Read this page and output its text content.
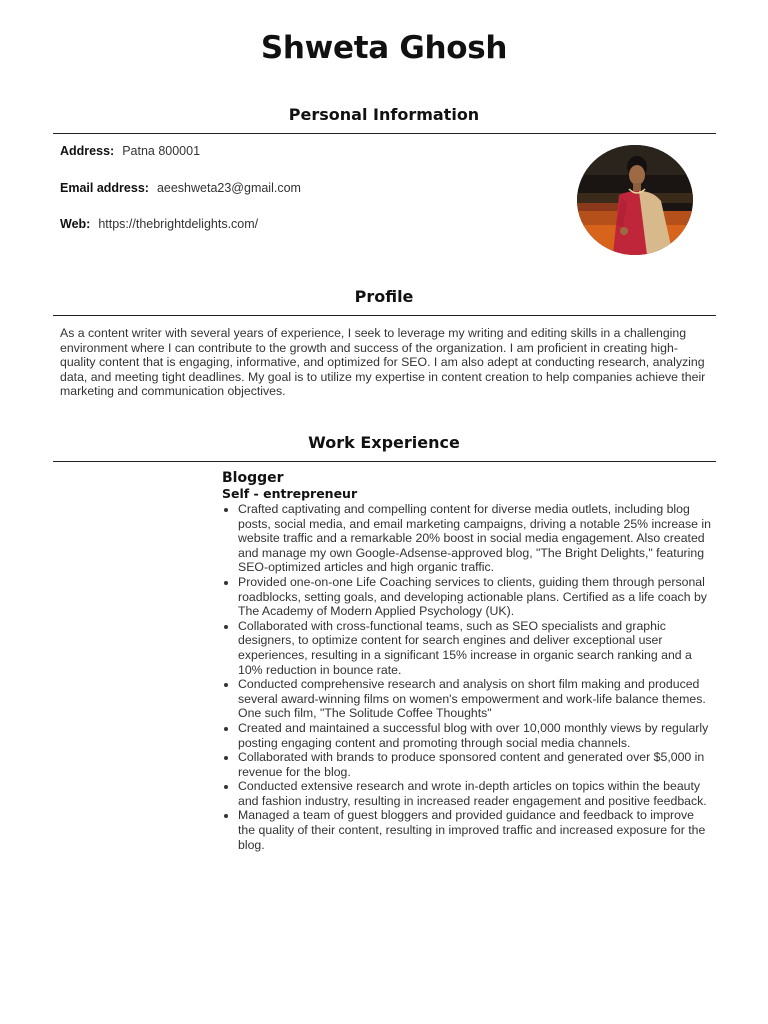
Shweta Ghosh
Personal Information
Address: Patna 800001
Email address: aeeshweta23@gmail.com
Web: https://thebrightdelights.com/
Profile
As a content writer with several years of experience, I seek to leverage my writing and editing skills in a challenging environment where I can contribute to the growth and success of the organization. I am proficient in creating high-quality content that is engaging, informative, and optimized for SEO. I am also adept at conducting research, analyzing data, and meeting tight deadlines. My goal is to utilize my expertise in content creation to help companies achieve their marketing and communication objectives.
Work Experience
Blogger
Self - entrepreneur
• Crafted captivating and compelling content for diverse media outlets, including blog posts, social media, and email marketing campaigns, driving a notable 25% increase in website traffic and a remarkable 20% boost in social media engagement. Also created and manage my own Google-Adsense-approved blog, "The Bright Delights," featuring SEO-optimized articles and high organic traffic.
• Provided one-on-one Life Coaching services to clients, guiding them through personal roadblocks, setting goals, and developing actionable plans. Certified as a life coach by The Academy of Modern Applied Psychology (UK).
• Collaborated with cross-functional teams, such as SEO specialists and graphic designers, to optimize content for search engines and deliver exceptional user experiences, resulting in a significant 15% increase in organic search ranking and a 10% reduction in bounce rate.
• Conducted comprehensive research and analysis on short film making and produced several award-winning films on women's empowerment and work-life balance themes. One such film, "The Solitude Coffee Thoughts"
• Created and maintained a successful blog with over 10,000 monthly views by regularly posting engaging content and promoting through social media channels.
• Collaborated with brands to produce sponsored content and generated over $5,000 in revenue for the blog.
• Conducted extensive research and wrote in-depth articles on topics within the beauty and fashion industry, resulting in increased reader engagement and positive feedback.
• Managed a team of guest bloggers and provided guidance and feedback to improve the quality of their content, resulting in improved traffic and increased exposure for the blog.
